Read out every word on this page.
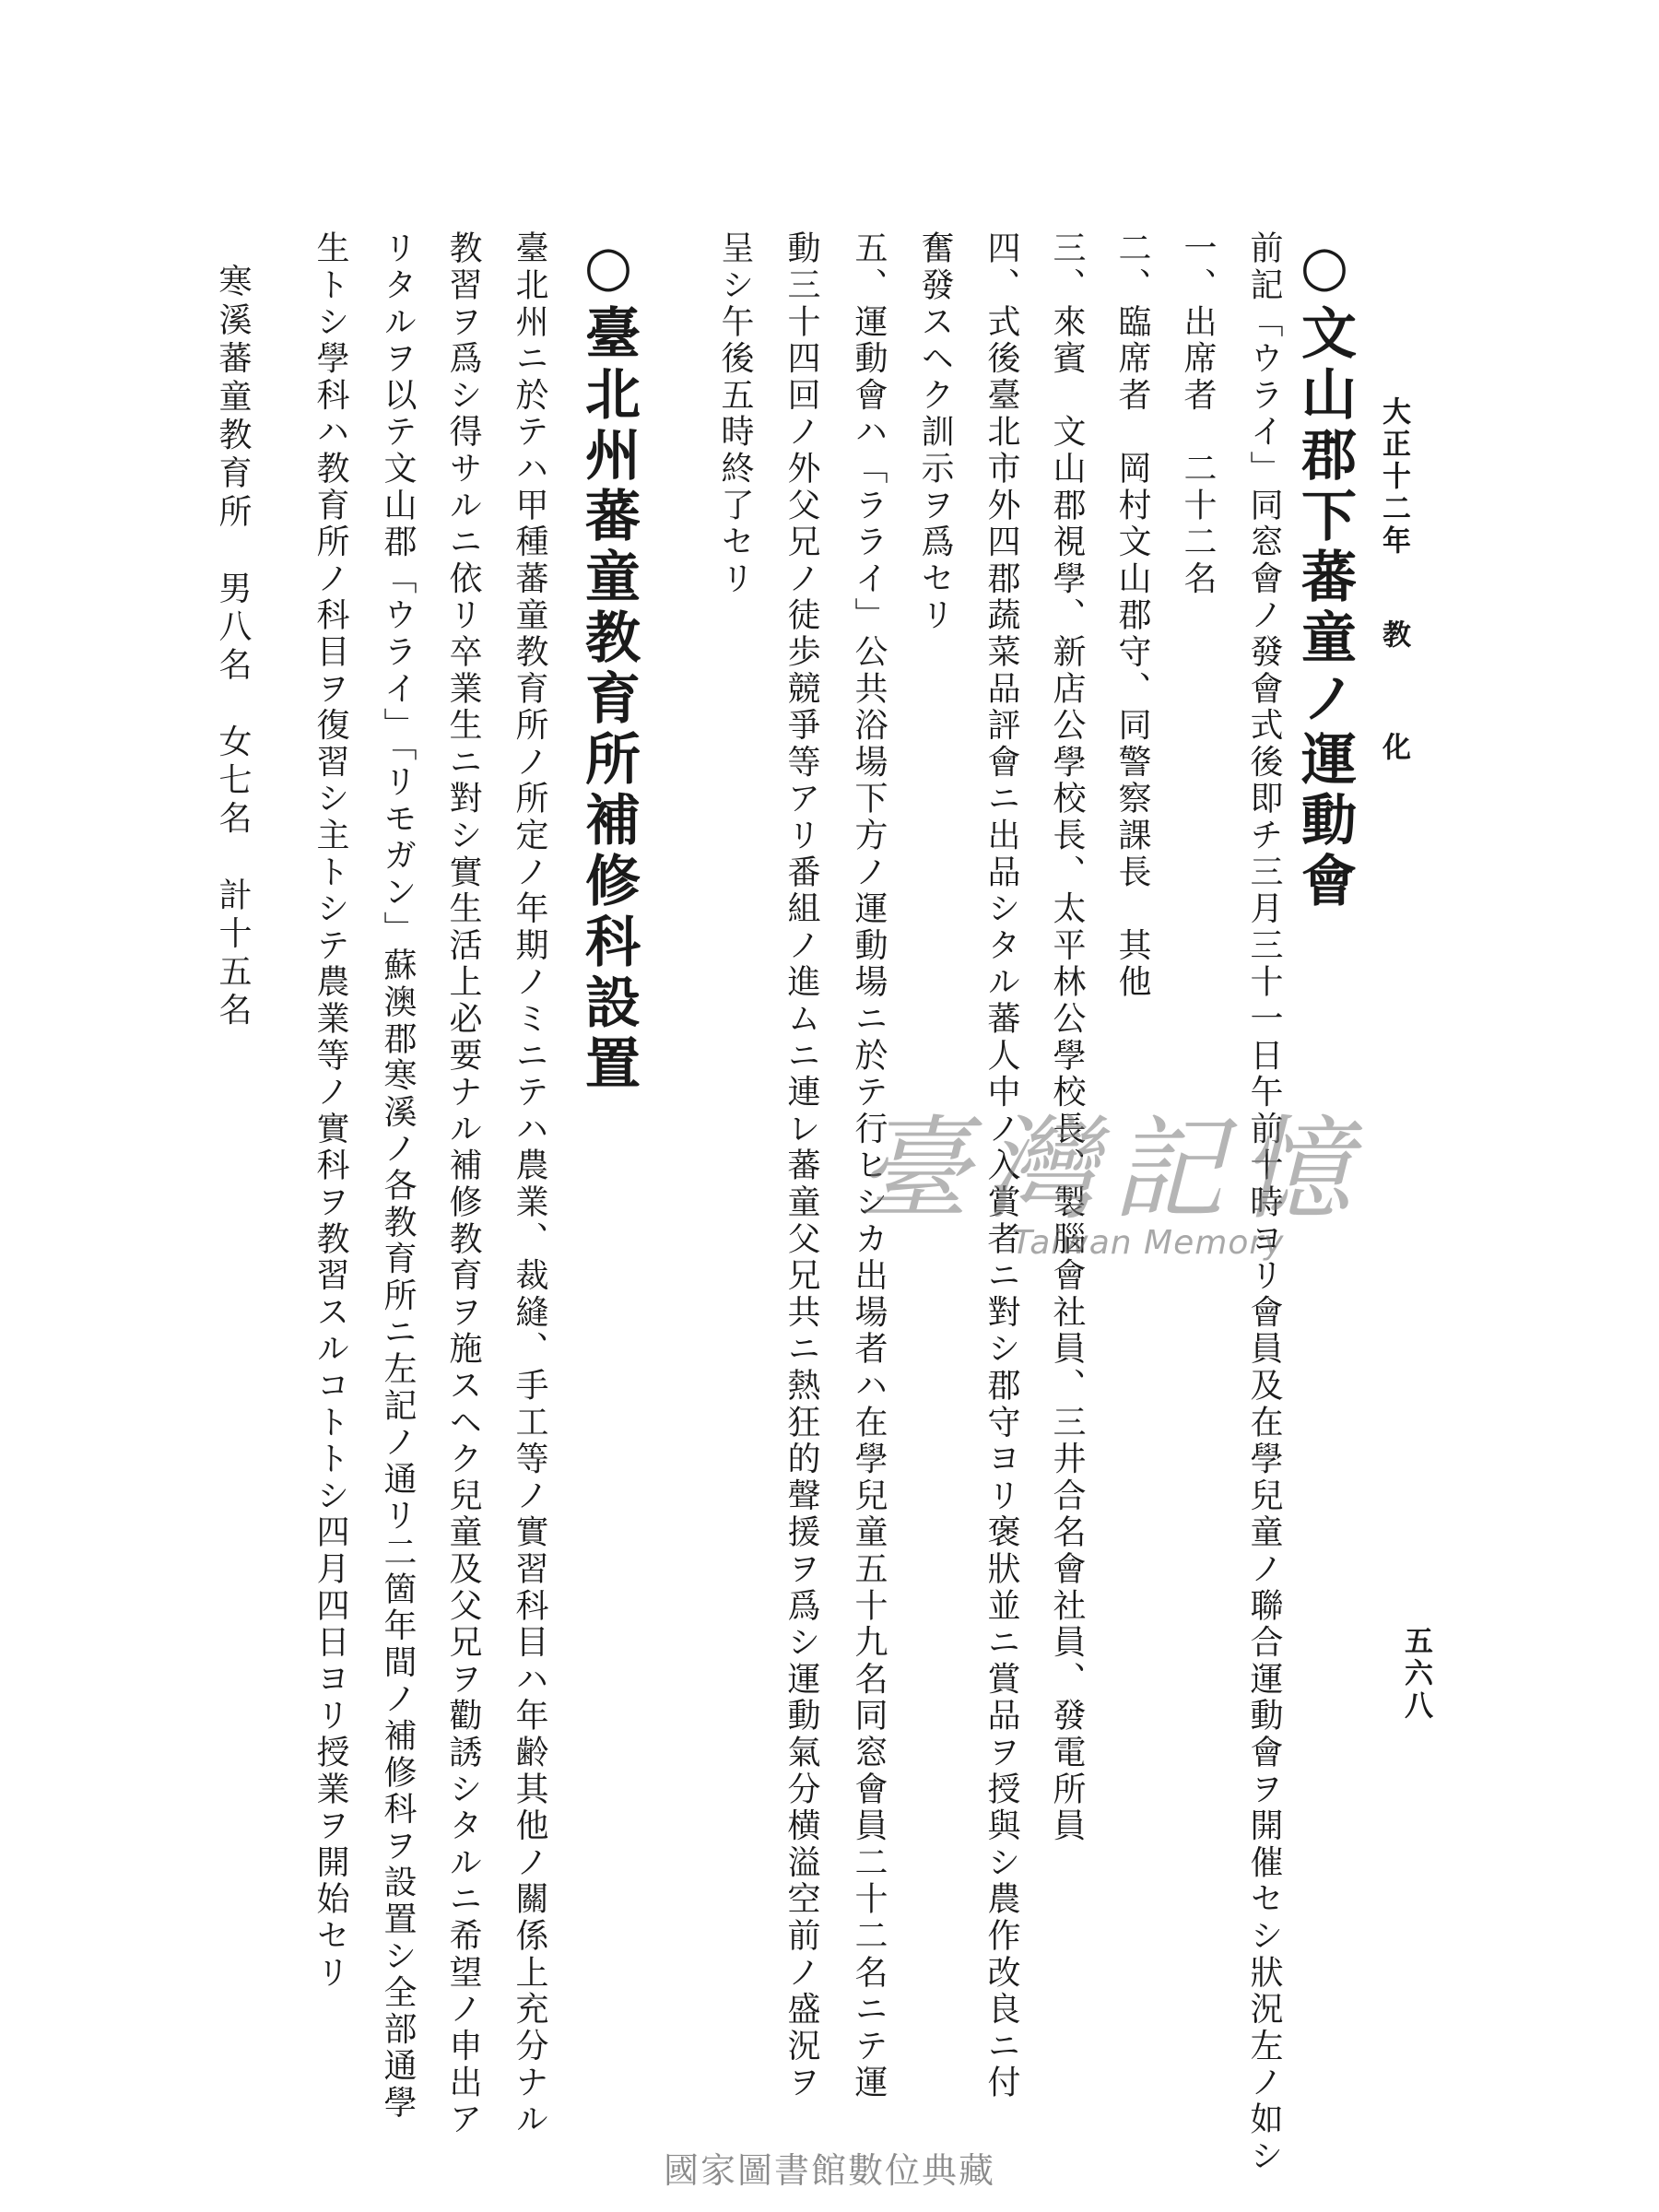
大正十二年
教　化
五六八
○文山郡下蕃童ノ運動會
前記「ウライ」同窓會ノ發會式後即チ三月三十一日午前十時ヨリ會員及在學兒童ノ聯合運動會ヲ開催セシ狀況左ノ如シ
一、出席者　二十二名
二、臨席者　岡村文山郡守、同警察課長　其他
三、來賓　文山郡視學、新店公學校長、太平林公學校長、製腦會社員、三井合名會社員、發電所員
四、式後臺北市外四郡蔬菜品評會ニ出品シタル蕃人中ノ入賞者ニ對シ郡守ヨリ褒狀並ニ賞品ヲ授與シ農作改良ニ付
奮發スヘク訓示ヲ爲セリ
五、運動會ハ「ラライ」公共浴場下方ノ運動場ニ於テ行ヒシカ出場者ハ在學兒童五十九名同窓會員二十二名ニテ運
動三十四回ノ外父兄ノ徒歩競爭等アリ番組ノ進ムニ連レ蕃童父兄共ニ熱狂的聲援ヲ爲シ運動氣分横溢空前ノ盛況ヲ
呈シ午後五時終了セリ
○臺北州蕃童教育所補修科設置
臺北州ニ於テハ甲種蕃童教育所ノ所定ノ年期ノミニテハ農業、裁縫、手工等ノ實習科目ハ年齢其他ノ關係上充分ナル
教習ヲ爲シ得サルニ依リ卒業生ニ對シ實生活上必要ナル補修教育ヲ施スヘク兒童及父兄ヲ勸誘シタルニ希望ノ申出ア
リタルヲ以テ文山郡「ウライ」「リモガン」蘇澳郡寒溪ノ各教育所ニ左記ノ通リ二箇年間ノ補修科ヲ設置シ全部通學
生トシ學科ハ教育所ノ科目ヲ復習シ主トシテ農業等ノ實科ヲ教習スルコトトシ四月四日ヨリ授業ヲ開始セリ
寒溪蕃童教育所　男八名　女七名　計十五名
臺灣記憶
Taiwan Memory
國家圖書館數位典藏
